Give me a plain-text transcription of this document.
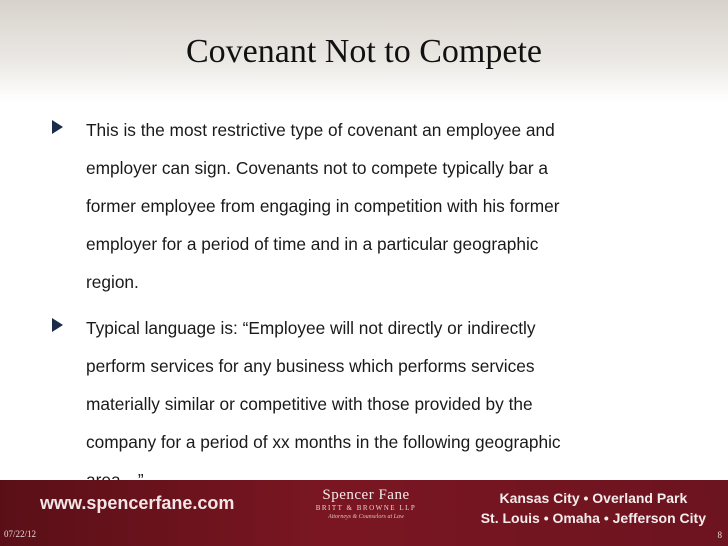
Covenant Not to Compete
This is the most restrictive type of covenant an employee and
employer can sign. Covenants not to compete typically bar a
former employee from engaging in competition with his former
employer for a period of time and in a particular geographic
region.
Typical language is: “Employee will not directly or indirectly
perform services for any business which performs services
materially similar or competitive with those provided by the
company for a period of xx months in the following geographic
www.spencerfane.com	Spencer Fane
BRITT & BROWNE LLP
Attorneys & Counselors at Law
Kansas City • Overland Park
St. Louis • Omaha • Jefferson City
07/22/12	8
